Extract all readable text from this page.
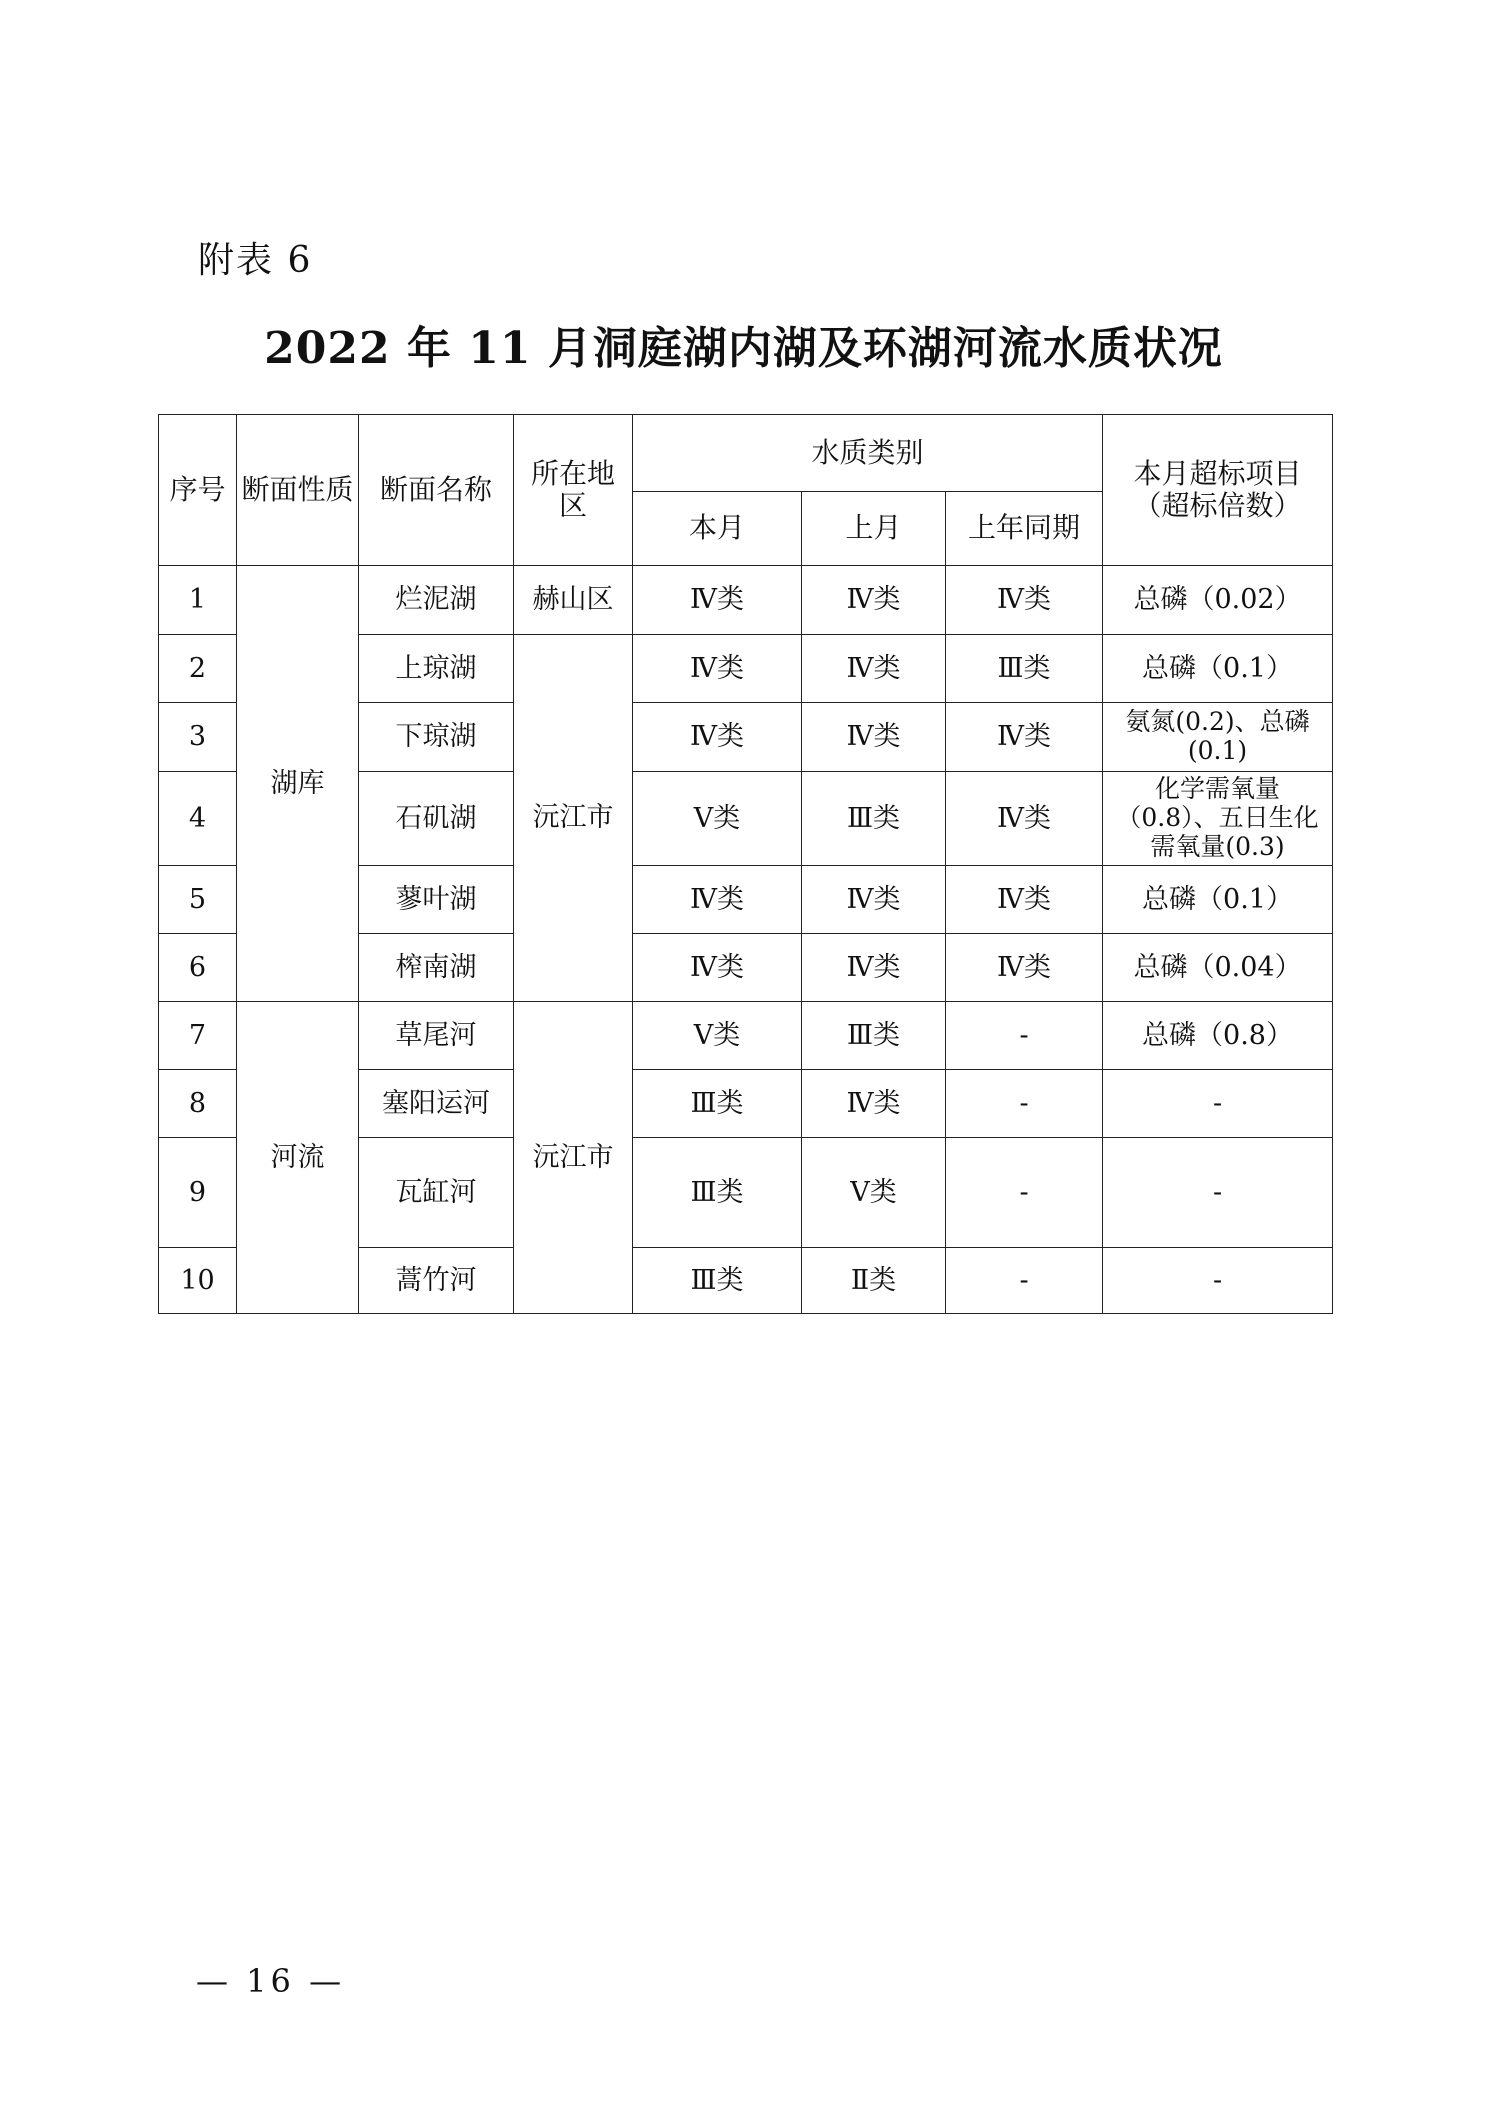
附表 6
2022 年 11 月洞庭湖内湖及环湖河流水质状况
序号	断面性质	断面名称	所在地区	水质类别			本月超标项目（超标倍数）
				本月	上月	上年同期	
1	湖库	烂泥湖	赫山区	Ⅳ类	Ⅳ类	Ⅳ类	总磷（0.02）
2		上琼湖	沅江市	Ⅳ类	Ⅳ类	Ⅲ类	总磷（0.1）
3		下琼湖		Ⅳ类	Ⅳ类	Ⅳ类	氨氮(0.2)、总磷(0.1)
4		石矶湖		Ⅴ类	Ⅲ类	Ⅳ类	化学需氧量（0.8）、五日生化需氧量(0.3)
5		蓼叶湖		Ⅳ类	Ⅳ类	Ⅳ类	总磷（0.1）
6		榨南湖		Ⅳ类	Ⅳ类	Ⅳ类	总磷（0.04）
7	河流	草尾河	沅江市	Ⅴ类	Ⅲ类	-	总磷（0.8）
8		塞阳运河		Ⅲ类	Ⅳ类	-	-
9		瓦缸河		Ⅲ类	Ⅴ类	-	-
10		蒿竹河		Ⅲ类	Ⅱ类	-	-
— 16 —
